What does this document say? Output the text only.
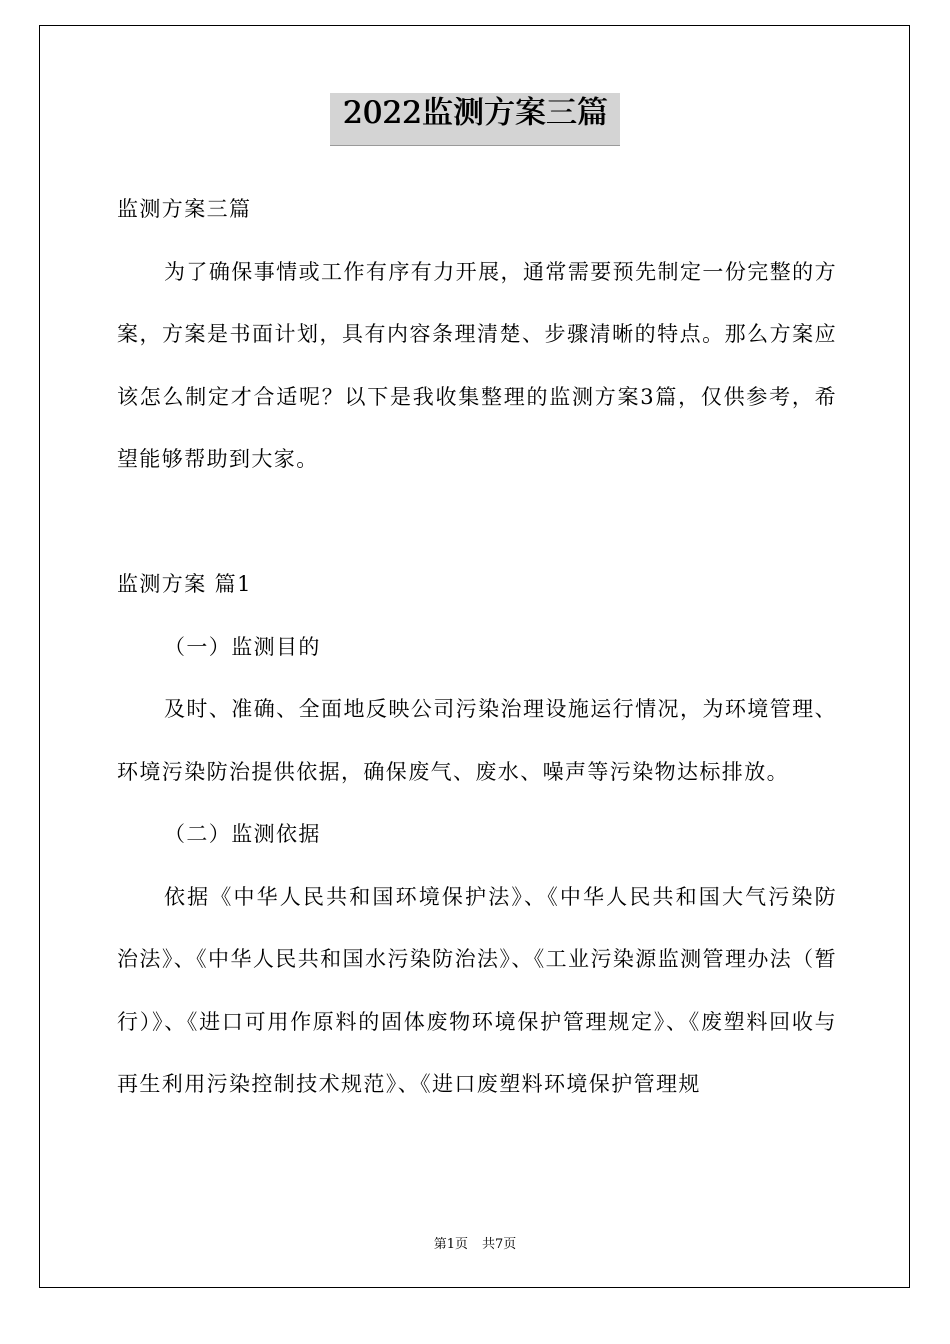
2022监测方案三篇

监测方案三篇

为了确保事情或工作有序有力开展，通常需要预先制定一份完整的方案，方案是书面计划，具有内容条理清楚、步骤清晰的特点。那么方案应该怎么制定才合适呢？以下是我收集整理的监测方案3篇，仅供参考，希望能够帮助到大家。

监测方案 篇1

（一）监测目的

及时、准确、全面地反映公司污染治理设施运行情况，为环境管理、环境污染防治提供依据，确保废气、废水、噪声等污染物达标排放。

（二）监测依据

依据《中华人民共和国环境保护法》、《中华人民共和国大气污染防治法》、《中华人民共和国水污染防治法》、《工业污染源监测管理办法（暂行）》、《进口可用作原料的固体废物环境保护管理规定》、《废塑料回收与再生利用污染控制技术规范》、《进口废塑料环境保护管理规

第1页 共7页
